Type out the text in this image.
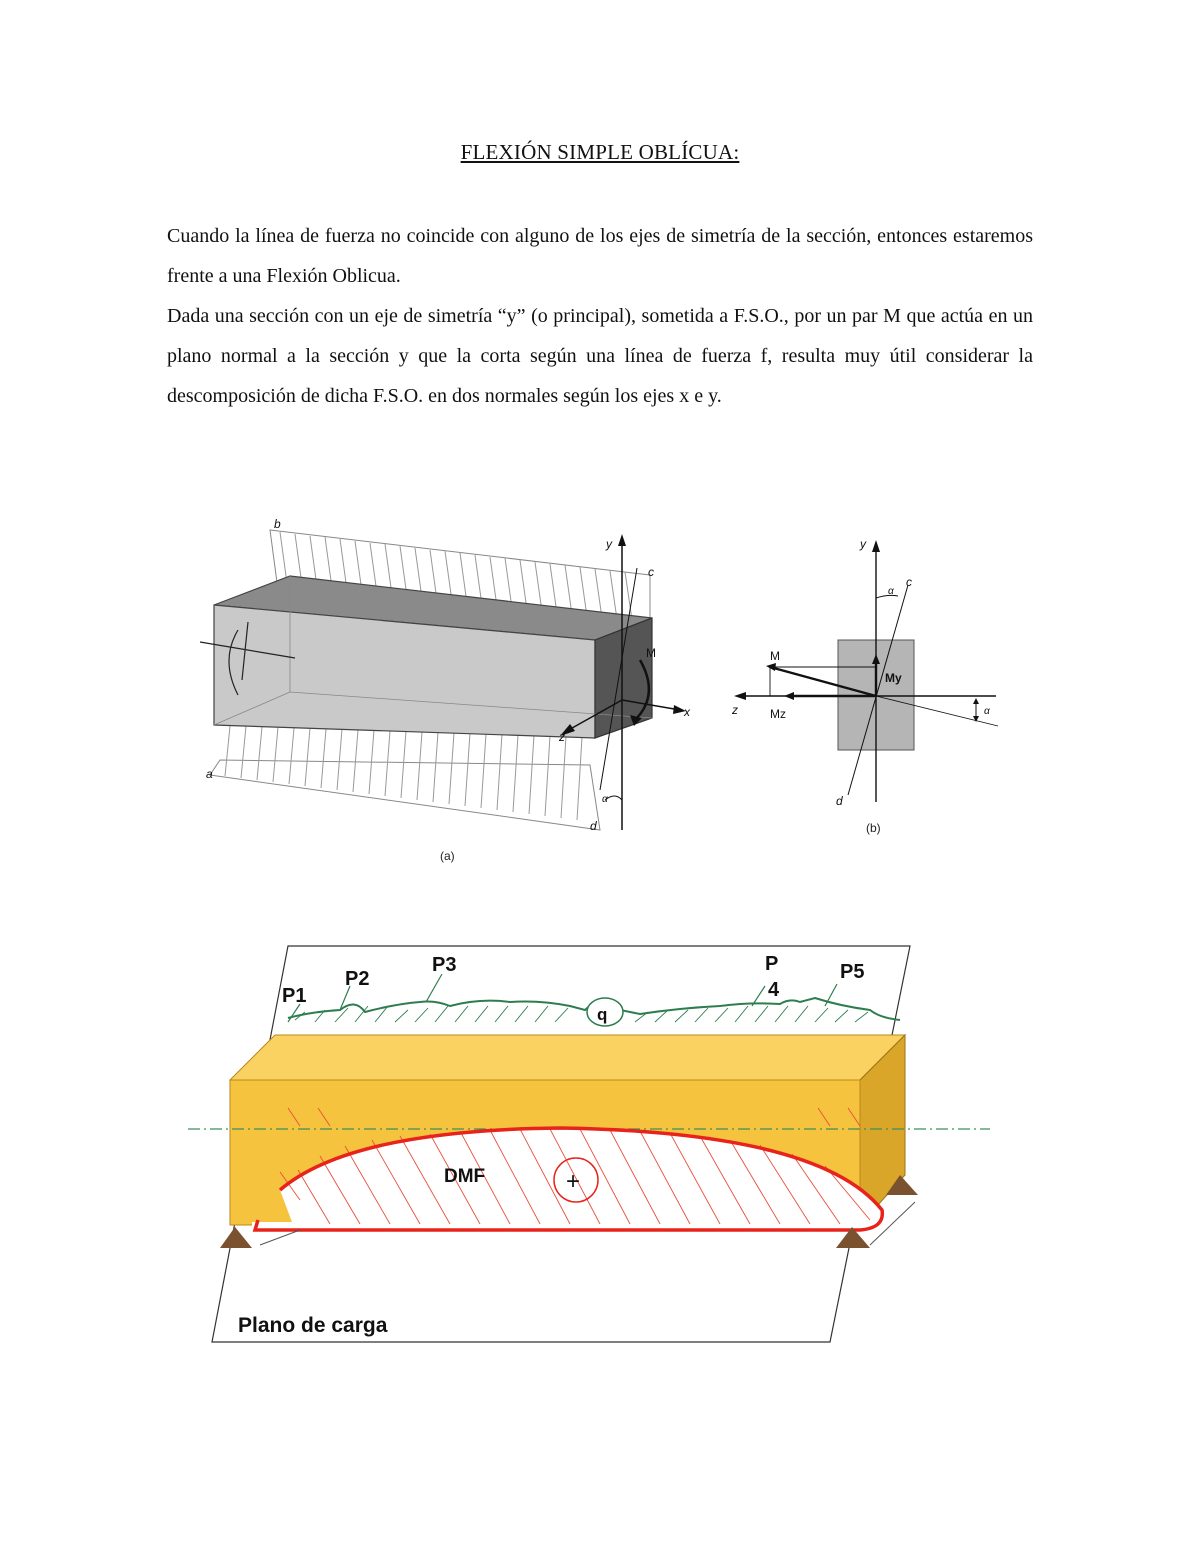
FLEXIÓN SIMPLE OBLÍCUA:

Cuando la línea de fuerza no coincide con alguno de los ejes de simetría de la sección, entonces estaremos frente a una Flexión Oblicua.

Dada una sección con un eje de simetría “y” (o principal), sometida a F.S.O., por un par M que actúa en un plano normal a la sección y que la corta según una línea de fuerza f, resulta muy útil considerar la descomposición de dicha F.S.O. en dos normales según los ejes x e y.

b
c
a
d
y
x
z
M
α
(a)
y
c
α
M
My
z	Mz	α
d
(b)
P1
P2
P3	P
4
P5
q
DMF	+
Plano de carga
